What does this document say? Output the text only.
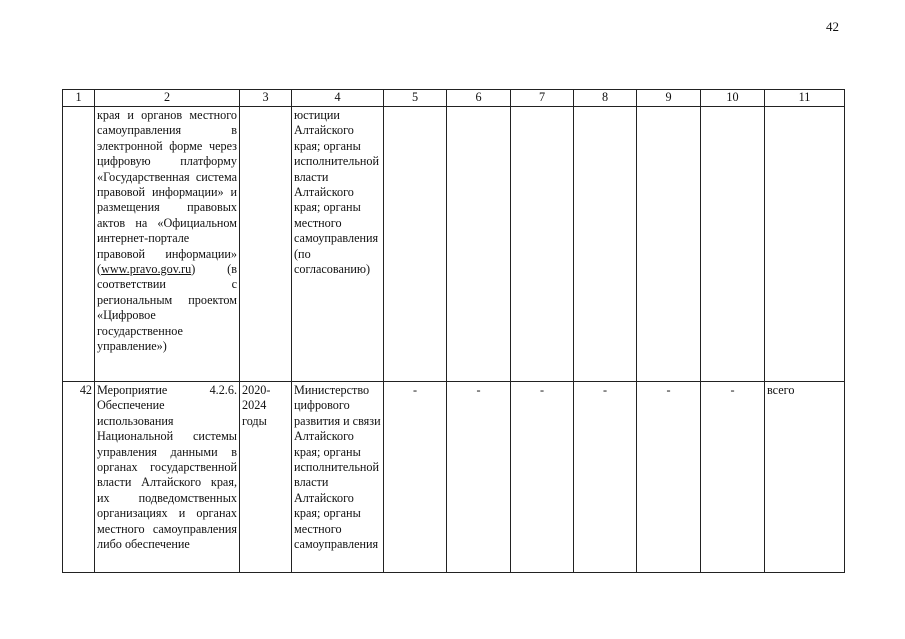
42
1	2	3	4	5	6	7	8	9	10	11
	края и органов местного самоуправления в электронной форме через цифровую платформу «Государственная система правовой информации» и размещения правовых актов на «Официальном интернет-портале правовой информации» (www.pravo.gov.ru) (в соответствии с региональным проектом «Цифровое государственное управление»)		юстиции Алтайского края; органы исполнительной власти Алтайского края; органы местного самоуправления (по согласованию)							
42	Мероприятие 4.2.6. Обеспечение использования Национальной системы управления данными в органах государственной власти Алтайского края, их подведомственных организациях и органах местного самоуправления либо обеспечение	2020-2024 годы	Министерство цифрового развития и связи Алтайского края; органы исполнительной власти Алтайского края; органы местного самоуправления	-	-	-	-	-	-	всего
